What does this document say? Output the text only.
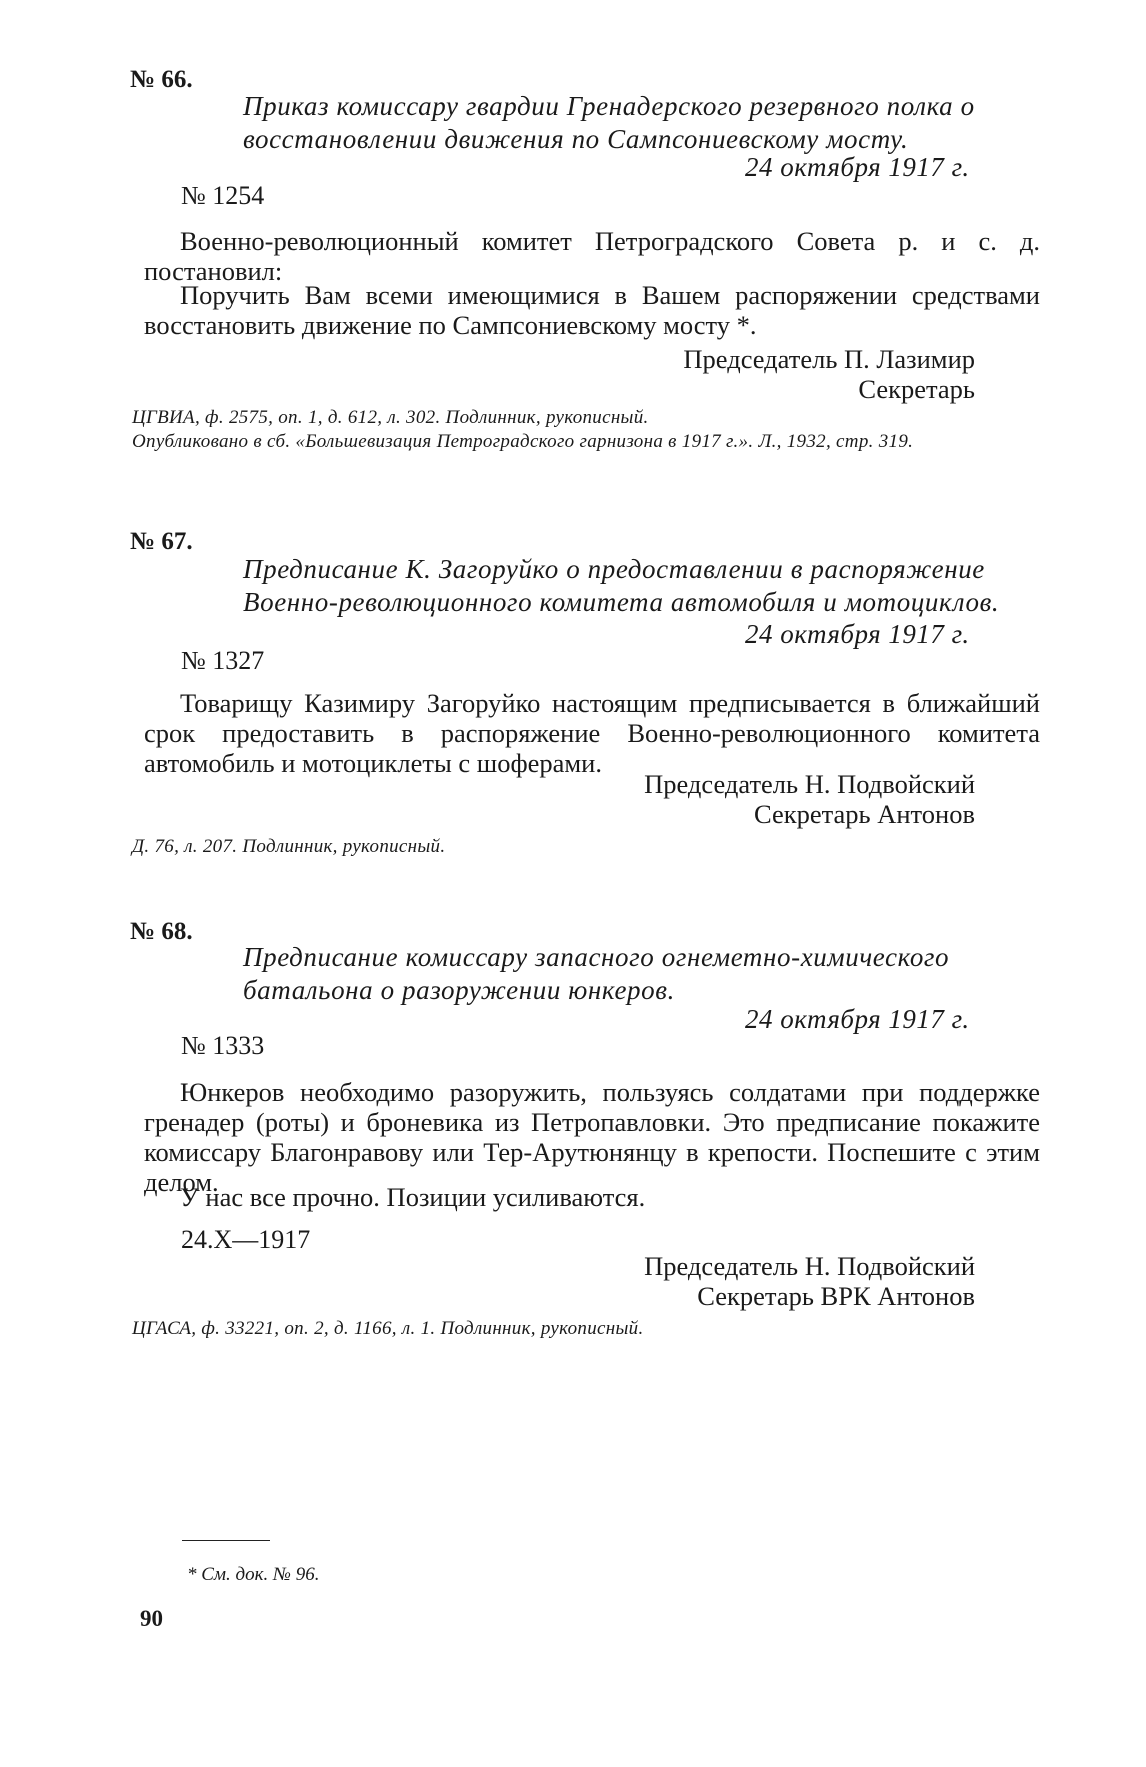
№ 66.
Приказ комиссару гвардии Гренадерского резервного полка о восстановлении движения по Сампсониевскому мосту.
24 октября 1917 г.
№ 1254
Военно-революционный комитет Петроградского Совета р. и с. д. постановил:
Поручить Вам всеми имеющимися в Вашем распоряжении средствами восстановить движение по Сампсониевскому мосту *.
Председатель П. Лазимир
Секретарь
ЦГВИА, ф. 2575, оп. 1, д. 612, л. 302. Подлинник, рукописный.
Опубликовано в сб. «Большевизация Петроградского гарнизона в 1917 г.». Л., 1932, стр. 319.
№ 67.
Предписание К. Загоруйко о предоставлении в распоряжение Военно-революционного комитета автомобиля и мотоциклов.
24 октября 1917 г.
№ 1327
Товарищу Казимиру Загоруйко настоящим предписывается в ближайший срок предоставить в распоряжение Военно-революционного комитета автомобиль и мотоциклеты с шоферами.
Председатель Н. Подвойский
Секретарь Антонов
Д. 76, л. 207. Подлинник, рукописный.
№ 68.
Предписание комиссару запасного огнеметно-химического батальона о разоружении юнкеров.
24 октября 1917 г.
№ 1333
Юнкеров необходимо разоружить, пользуясь солдатами при поддержке гренадер (роты) и броневика из Петропавловки. Это предписание покажите комиссару Благонравову или Тер-Арутюнянцу в крепости. Поспешите с этим делом.
У нас все прочно. Позиции усиливаются.
24.X—1917
Председатель Н. Подвойский
Секретарь ВРК Антонов
ЦГАСА, ф. 33221, оп. 2, д. 1166, л. 1. Подлинник, рукописный.
* См. док. № 96.
90
